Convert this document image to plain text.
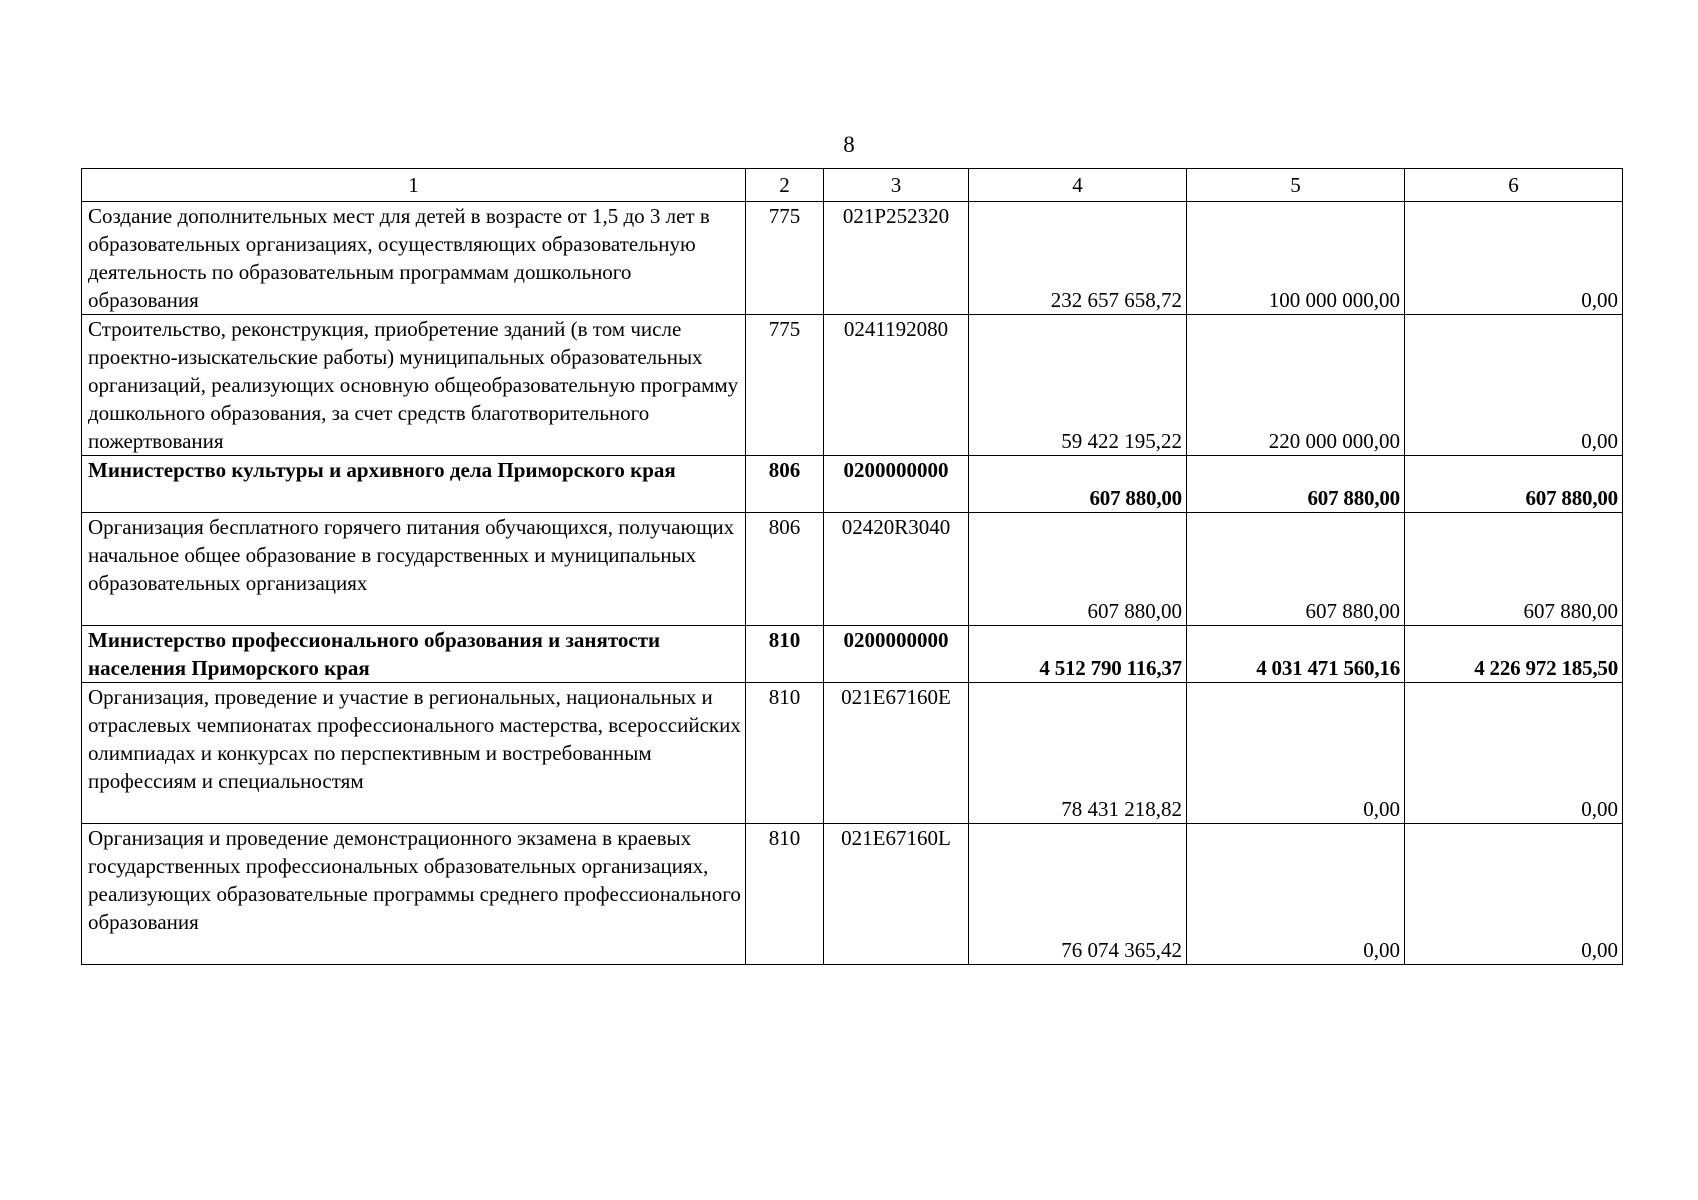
8
1	2	3	4	5	6
Создание дополнительных мест для детей в возрасте от 1,5 до 3 лет в образовательных организациях, осуществляющих образовательную деятельность по образовательным программам дошкольного образования	775	021P252320	232 657 658,72	100 000 000,00	0,00
Строительство, реконструкция, приобретение зданий (в том числе проектно-изыскательские работы) муниципальных образовательных организаций, реализующих основную общеобразовательную программу дошкольного образования, за счет средств благотворительного пожертвования	775	0241192080	59 422 195,22	220 000 000,00	0,00
Министерство культуры и архивного дела Приморского края	806	0200000000	607 880,00	607 880,00	607 880,00
Организация бесплатного горячего питания обучающихся, получающих начальное общее образование в государственных и муниципальных образовательных организациях	806	02420R3040	607 880,00	607 880,00	607 880,00
Министерство профессионального образования и занятости населения Приморского края	810	0200000000	4 512 790 116,37	4 031 471 560,16	4 226 972 185,50
Организация, проведение и участие в региональных, национальных и отраслевых чемпионатах профессионального мастерства, всероссийских олимпиадах и конкурсах по перспективным и востребованным профессиям и специальностям	810	021E67160E	78 431 218,82	0,00	0,00
Организация и проведение демонстрационного экзамена в краевых государственных профессиональных образовательных организациях, реализующих образовательные программы среднего профессионального образования	810	021E67160L	76 074 365,42	0,00	0,00
